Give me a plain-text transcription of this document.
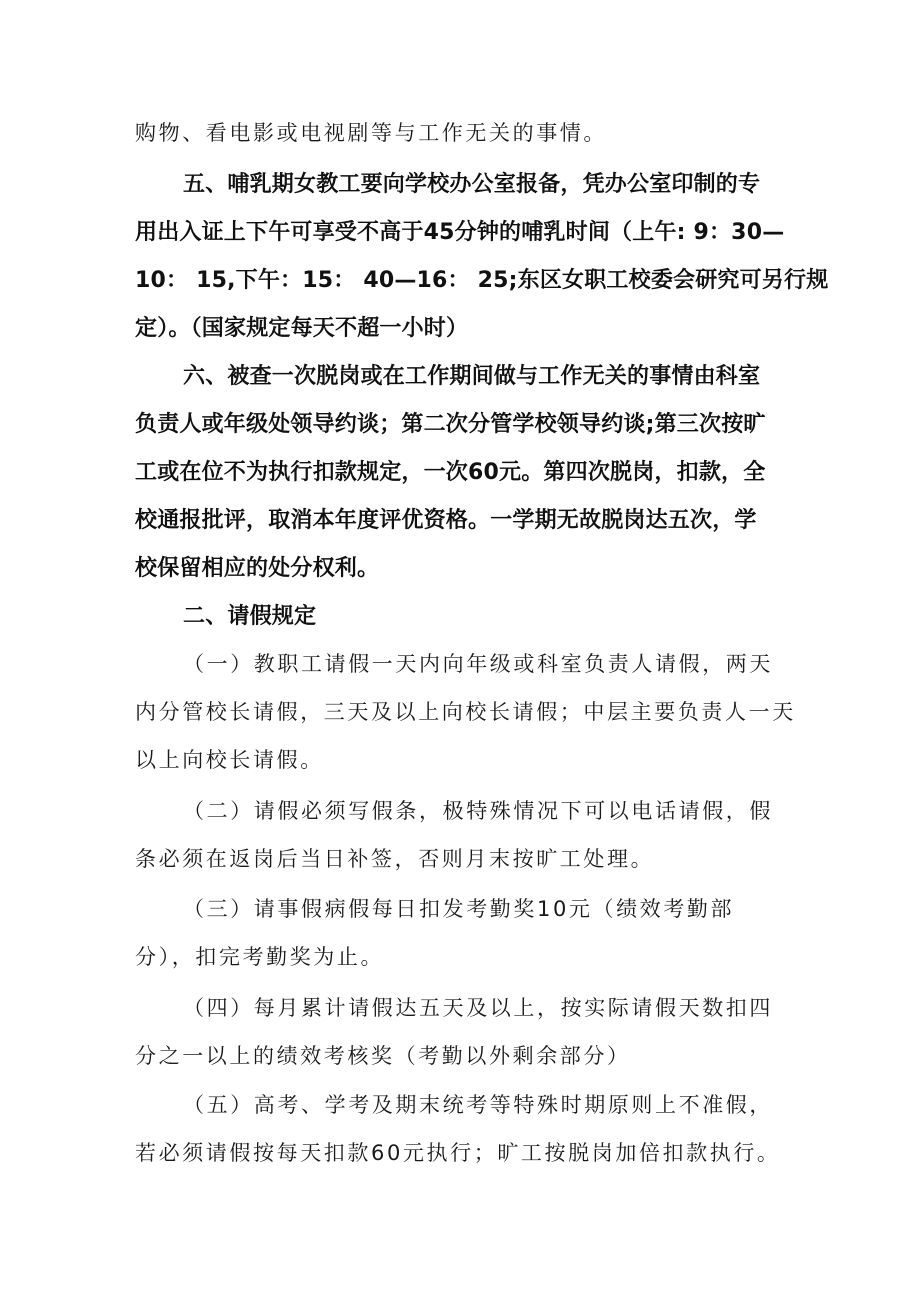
购物、看电影或电视剧等与工作无关的事情。
五、哺乳期女教工要向学校办公室报备，凭办公室印制的专
用出入证上下午可享受不高于45分钟的哺乳时间（上午: 9：30—
10： 15,下午：15： 40—16： 25;东区女职工校委会研究可另行规
定）。（国家规定每天不超一小时）
六、被查一次脱岗或在工作期间做与工作无关的事情由科室
负责人或年级处领导约谈；第二次分管学校领导约谈;第三次按旷
工或在位不为执行扣款规定，一次60元。第四次脱岗，扣款，全
校通报批评，取消本年度评优资格。一学期无故脱岗达五次，学
校保留相应的处分权利。
二、请假规定
（一）教职工请假一天内向年级或科室负责人请假，两天
内分管校长请假，三天及以上向校长请假；中层主要负责人一天
以上向校长请假。
（二）请假必须写假条，极特殊情况下可以电话请假，假
条必须在返岗后当日补签，否则月末按旷工处理。
（三）请事假病假每日扣发考勤奖10元（绩效考勤部
分），扣完考勤奖为止。
（四）每月累计请假达五天及以上，按实际请假天数扣四
分之一以上的绩效考核奖（考勤以外剩余部分）
（五）高考、学考及期末统考等特殊时期原则上不准假，
若必须请假按每天扣款60元执行；旷工按脱岗加倍扣款执行。
